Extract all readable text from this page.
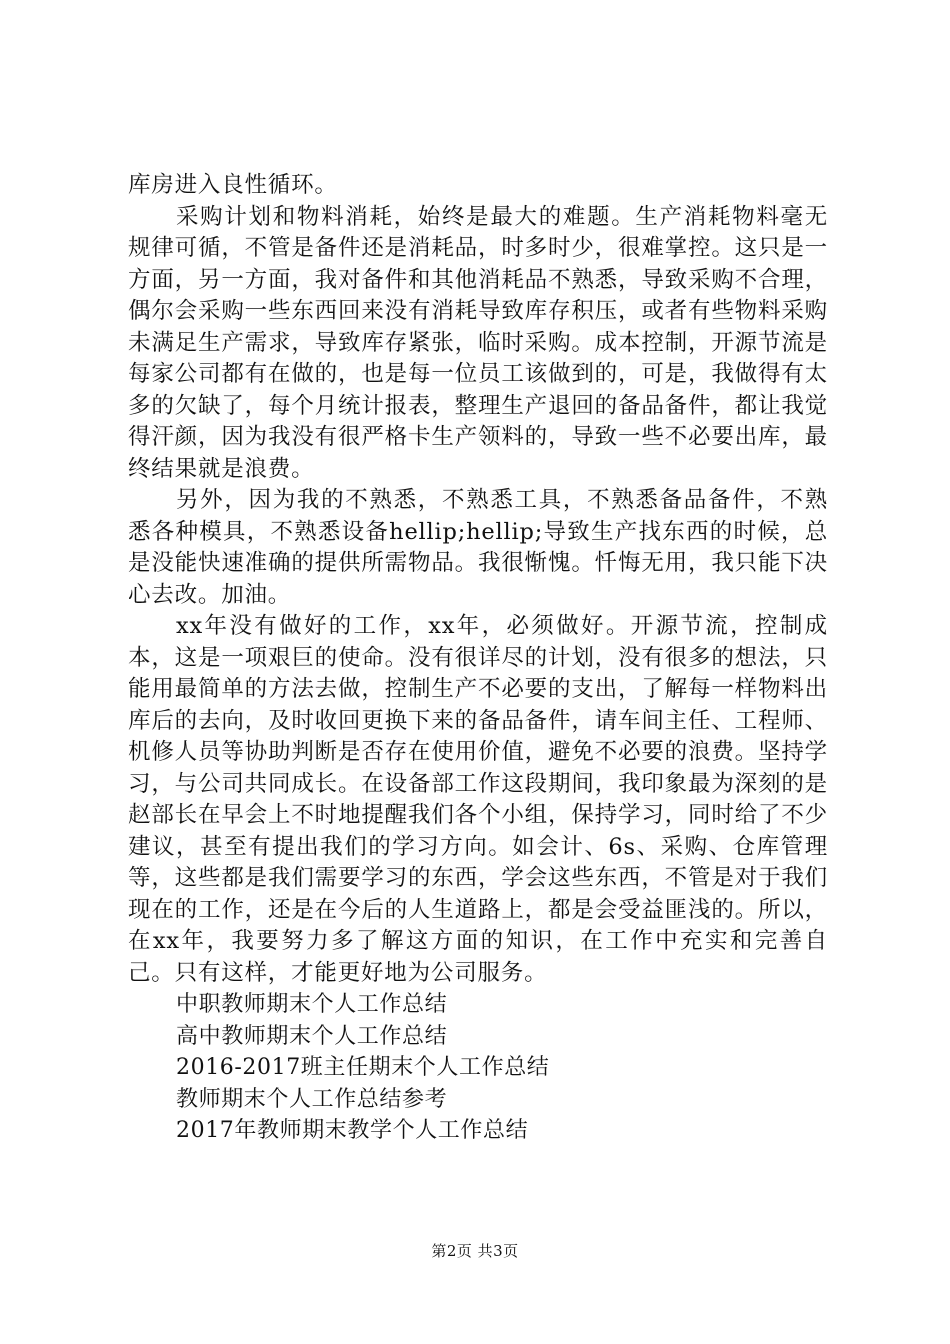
库房进入良性循环。

采购计划和物料消耗，始终是最大的难题。生产消耗物料毫无规律可循，不管是备件还是消耗品，时多时少，很难掌控。这只是一方面，另一方面，我对备件和其他消耗品不熟悉，导致采购不合理，偶尔会采购一些东西回来没有消耗导致库存积压，或者有些物料采购未满足生产需求，导致库存紧张，临时采购。成本控制，开源节流是每家公司都有在做的，也是每一位员工该做到的，可是，我做得有太多的欠缺了，每个月统计报表，整理生产退回的备品备件，都让我觉得汗颜，因为我没有很严格卡生产领料的，导致一些不必要出库，最终结果就是浪费。

另外，因为我的不熟悉，不熟悉工具，不熟悉备品备件，不熟悉各种模具，不熟悉设备hellip;hellip;导致生产找东西的时候，总是没能快速准确的提供所需物品。我很惭愧。忏悔无用，我只能下决心去改。加油。

xx年没有做好的工作，xx年，必须做好。开源节流，控制成本，这是一项艰巨的使命。没有很详尽的计划，没有很多的想法，只能用最简单的方法去做，控制生产不必要的支出，了解每一样物料出库后的去向，及时收回更换下来的备品备件，请车间主任、工程师、机修人员等协助判断是否存在使用价值，避免不必要的浪费。坚持学习，与公司共同成长。在设备部工作这段期间，我印象最为深刻的是赵部长在早会上不时地提醒我们各个小组，保持学习，同时给了不少建议，甚至有提出我们的学习方向。如会计、6s、采购、仓库管理等，这些都是我们需要学习的东西，学会这些东西，不管是对于我们现在的工作，还是在今后的人生道路上，都是会受益匪浅的。所以，在xx年，我要努力多了解这方面的知识，在工作中充实和完善自己。只有这样，才能更好地为公司服务。

中职教师期末个人工作总结
高中教师期末个人工作总结
2016-2017班主任期末个人工作总结
教师期末个人工作总结参考
2017年教师期末教学个人工作总结
第2页 共3页
